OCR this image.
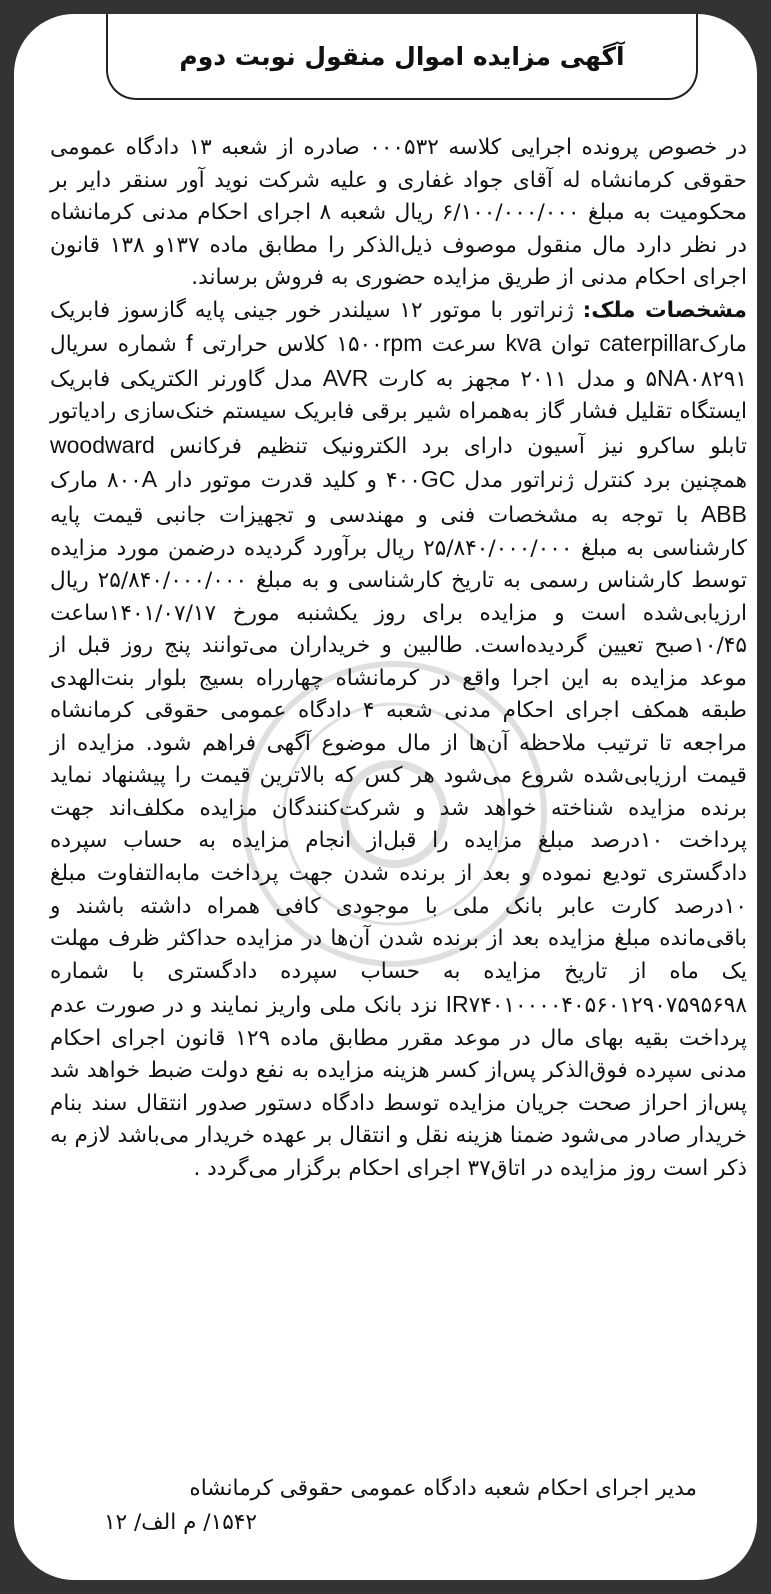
آگهی مزایده اموال منقول نوبت دوم

در خصوص پرونده اجرایی کلاسه ۰۰۰۵۳۲ صادره از شعبه ۱۳ دادگاه عمومی حقوقی کرمانشاه له آقای جواد غفاری و علیه شرکت نوید آور سنقر دایر بر محکومیت به مبلغ ۶/۱۰۰/۰۰۰/۰۰۰ ریال شعبه ۸ اجرای احکام مدنی کرمانشاه در نظر دارد مال منقول موصوف ذیل‌الذکر را مطابق ماده ۱۳۷و ۱۳۸ قانون اجرای احکام مدنی از طریق مزایده حضوری به فروش برساند.

مشخصات ملک: ژنراتور با موتور ۱۲ سیلندر خور جینی پایه گازسوز فابریک مارکcaterpillar توان kva سرعت ۱۵۰۰rpm کلاس حرارتی f شماره سریال ۵NA۰۸۲۹۱ و مدل ۲۰۱۱ مجهز به کارت AVR مدل گاورنر الکتریکی فابریک ایستگاه تقلیل فشار گاز به‌همراه شیر برقی فابریک سیستم خنک‌سازی رادیاتور تابلو ساکرو نیز آسیون دارای برد الکترونیک تنظیم فرکانس woodward همچنین برد کنترل ژنراتور مدل ۴۰۰GC و کلید قدرت موتور دار ۸۰۰A مارک ABB با توجه به مشخصات فنی و مهندسی و تجهیزات جانبی قیمت پایه کارشناسی به مبلغ ۲۵/۸۴۰/۰۰۰/۰۰۰ ریال برآورد گردیده درضمن مورد مزایده توسط کارشناس رسمی به تاریخ کارشناسی و به مبلغ ۲۵/۸۴۰/۰۰۰/۰۰۰ ریال ارزیابی‌شده است و مزایده برای روز یکشنبه مورخ ۱۴۰۱/۰۷/۱۷ساعت ۱۰/۴۵صبح تعیین گردیده‌است. طالبین و خریداران می‌توانند پنج روز قبل از موعد مزایده به این اجرا واقع در کرمانشاه چهارراه بسیج بلوار بنت‌الهدی طبقه همکف اجرای احکام مدنی شعبه ۴ دادگاه عمومی حقوقی کرمانشاه مراجعه تا ترتیب ملاحظه آن‌ها از مال موضوع آگهی فراهم شود. مزایده از قیمت ارزیابی‌شده شروع می‌شود هر کس که بالاترین قیمت را پیشنهاد نماید برنده مزایده شناخته خواهد شد و شرکت‌کنندگان مزایده مکلف‌اند جهت پرداخت ۱۰درصد مبلغ مزایده را قبل‌از انجام مزایده به حساب سپرده دادگستری تودیع نموده و بعد از برنده شدن جهت پرداخت مابه‌التفاوت مبلغ ۱۰درصد کارت عابر بانک ملی با موجودی کافی همراه داشته باشند و باقی‌مانده مبلغ مزایده بعد از برنده شدن آن‌ها در مزایده حداکثر ظرف مهلت یک ماه از تاریخ مزایده به حساب سپرده دادگستری با شماره IR۷۴۰۱۰۰۰۰۴۰۵۶۰۱۲۹۰۷۵۹۵۶۹۸ نزد بانک ملی واریز نمایند و در صورت عدم پرداخت بقیه بهای مال در موعد مقرر مطابق ماده ۱۲۹ قانون اجرای احکام مدنی سپرده فوق‌الذکر پس‌از کسر هزینه مزایده به نفع دولت ضبط خواهد شد پس‌از احراز صحت جریان مزایده توسط دادگاه دستور صدور انتقال سند بنام خریدار صادر می‌شود ضمنا هزینه نقل و انتقال بر عهده خریدار می‌باشد لازم به ذکر است روز مزایده در اتاق۳۷ اجرای احکام برگزار می‌گردد .

مدیر اجرای احکام شعبه دادگاه عمومی حقوقی کرمانشاه
۱۵۴۲/ م الف/ ۱۲
